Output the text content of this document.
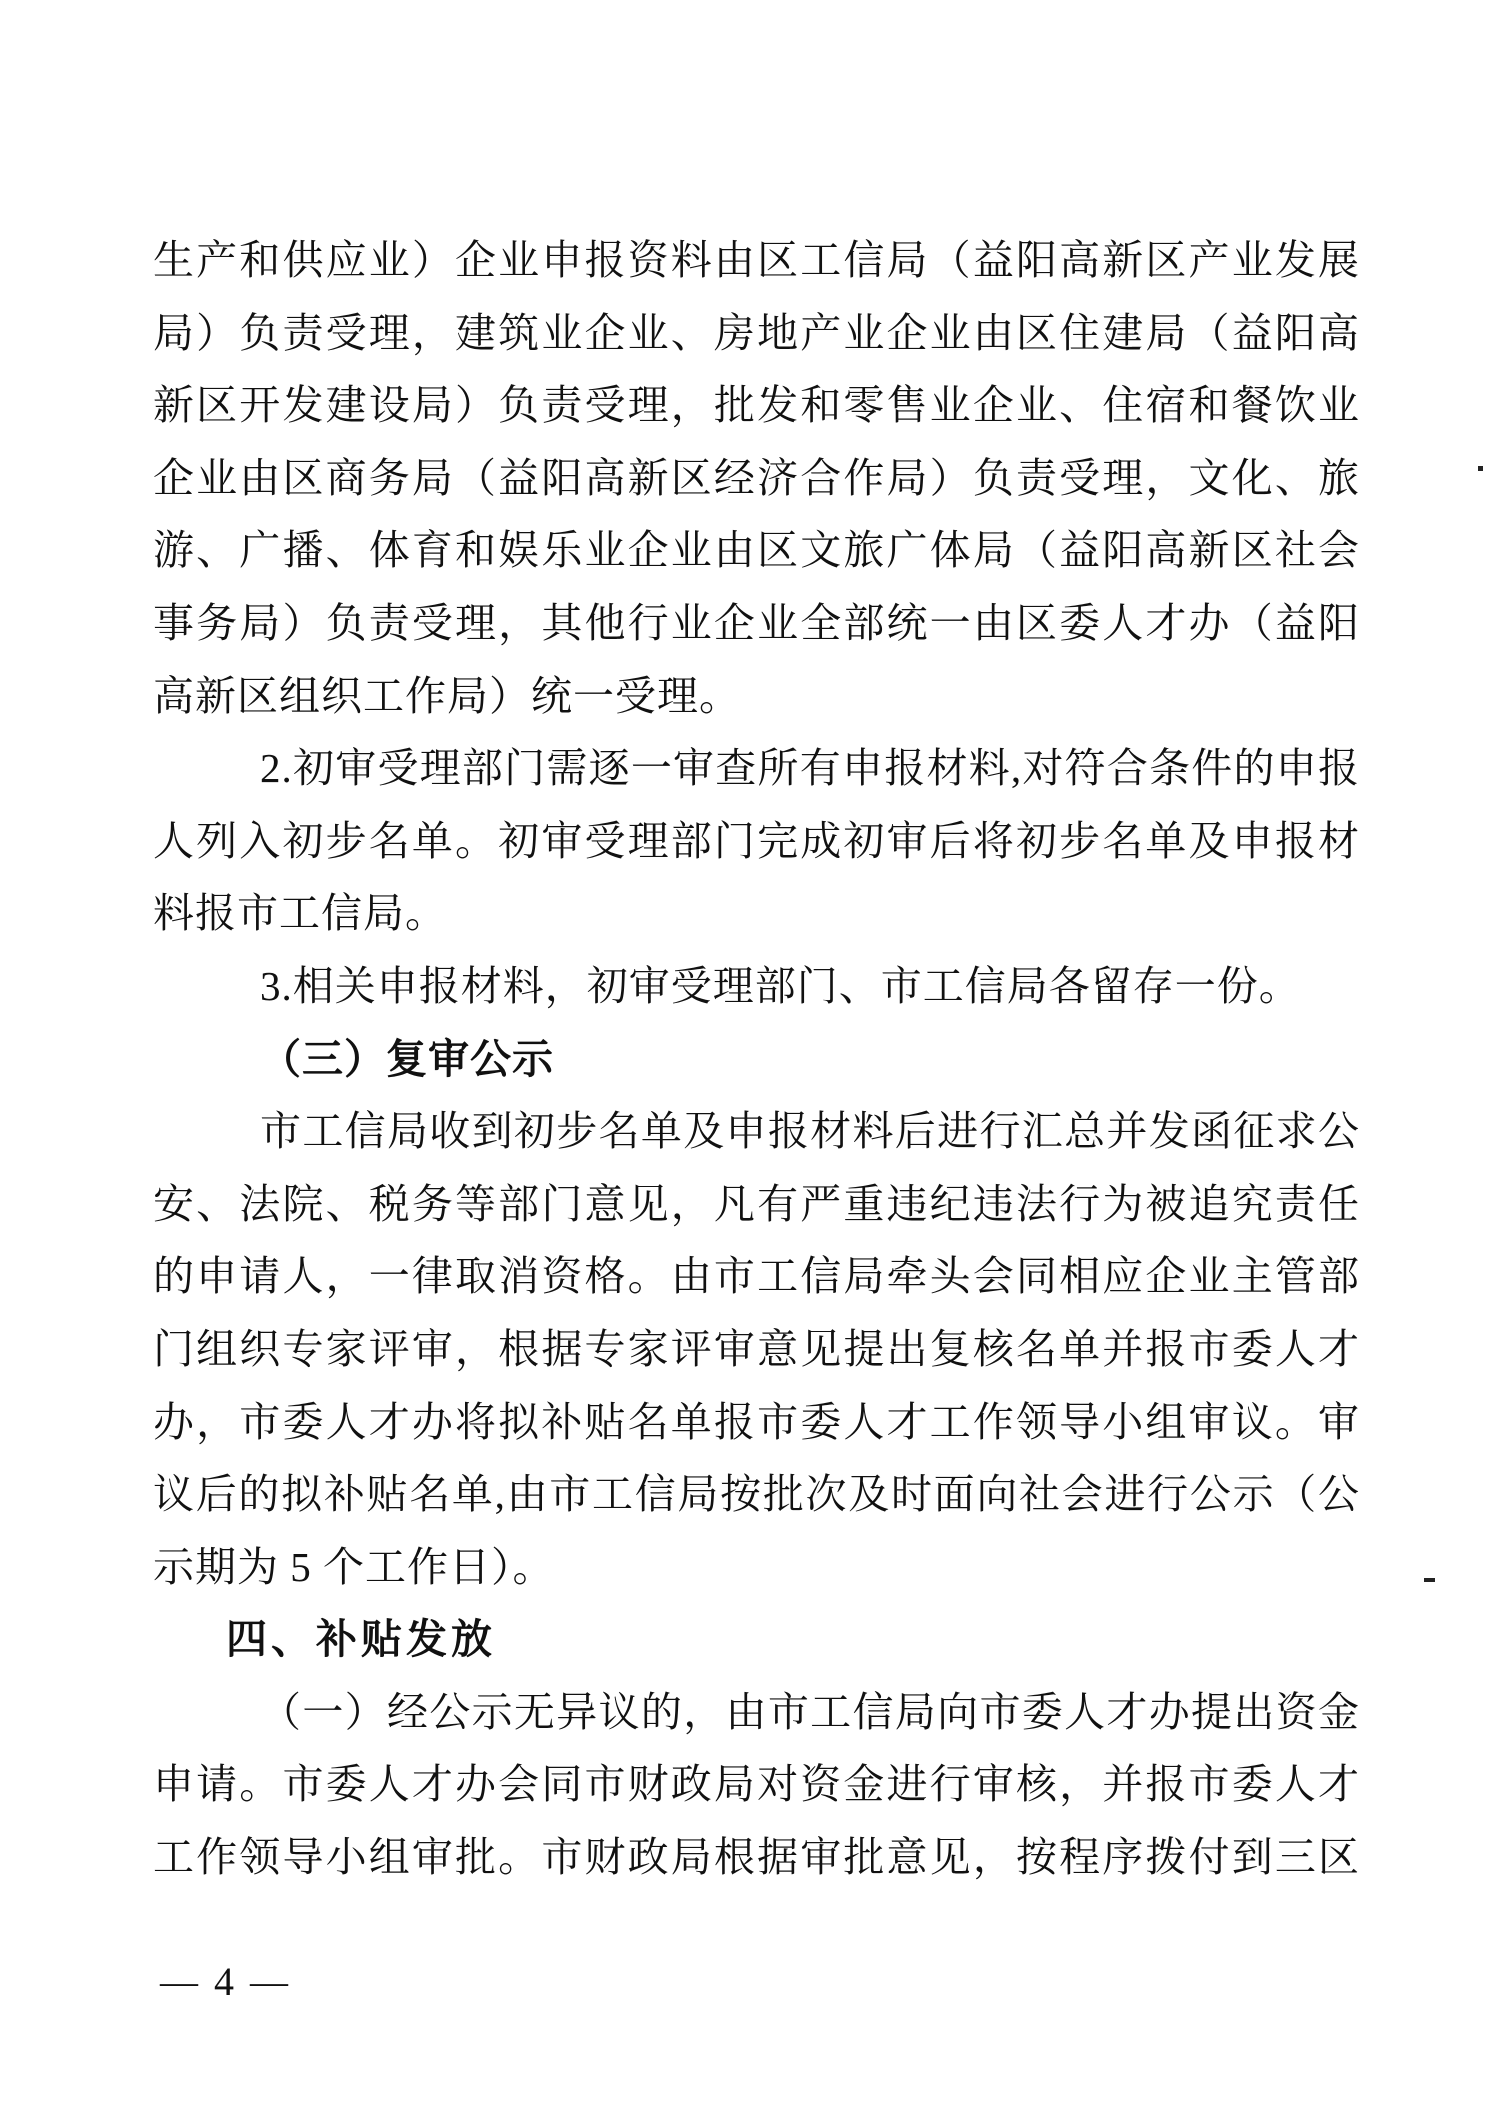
生产和供应业）企业申报资料由区工信局（益阳高新区产业发展
局）负责受理，建筑业企业、房地产业企业由区住建局（益阳高
新区开发建设局）负责受理，批发和零售业企业、住宿和餐饮业
企业由区商务局（益阳高新区经济合作局）负责受理，文化、旅
游、广播、体育和娱乐业企业由区文旅广体局（益阳高新区社会
事务局）负责受理，其他行业企业全部统一由区委人才办（益阳
高新区组织工作局）统一受理。
2.初审受理部门需逐一审查所有申报材料,对符合条件的申报
人列入初步名单。初审受理部门完成初审后将初步名单及申报材
料报市工信局。
3.相关申报材料，初审受理部门、市工信局各留存一份。
（三）复审公示
市工信局收到初步名单及申报材料后进行汇总并发函征求公
安、法院、税务等部门意见，凡有严重违纪违法行为被追究责任
的申请人，一律取消资格。由市工信局牵头会同相应企业主管部
门组织专家评审，根据专家评审意见提出复核名单并报市委人才
办，市委人才办将拟补贴名单报市委人才工作领导小组审议。审
议后的拟补贴名单,由市工信局按批次及时面向社会进行公示（公
示期为 5 个工作日）。
四、补贴发放
（一）经公示无异议的，由市工信局向市委人才办提出资金
申请。市委人才办会同市财政局对资金进行审核，并报市委人才
工作领导小组审批。市财政局根据审批意见，按程序拨付到三区
— 4 —
